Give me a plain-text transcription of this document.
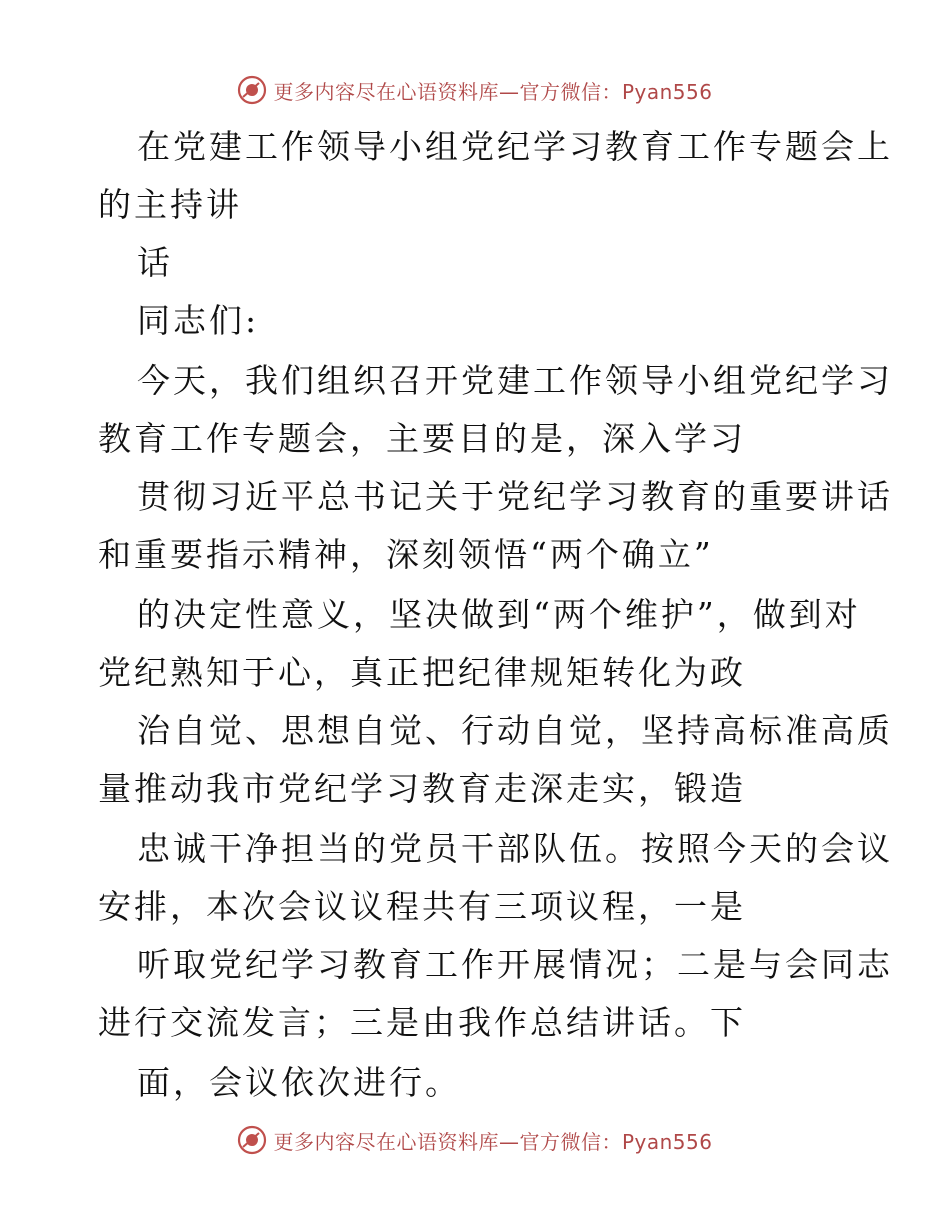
更多内容尽在心语资料库—官方微信：Pyan556
在党建工作领导小组党纪学习教育工作专题会上
的主持讲
话
同志们:
今天，我们组织召开党建工作领导小组党纪学习
教育工作专题会，主要目的是，深入学习
贯彻习近平总书记关于党纪学习教育的重要讲话
和重要指示精神，深刻领悟“两个确立”
的决定性意义，坚决做到“两个维护”，做到对
党纪熟知于心，真正把纪律规矩转化为政
治自觉、思想自觉、行动自觉，坚持高标准高质
量推动我市党纪学习教育走深走实，锻造
忠诚干净担当的党员干部队伍。按照今天的会议
安排，本次会议议程共有三项议程，一是
听取党纪学习教育工作开展情况；二是与会同志
进行交流发言；三是由我作总结讲话。下
面，会议依次进行。
更多内容尽在心语资料库—官方微信：Pyan556
